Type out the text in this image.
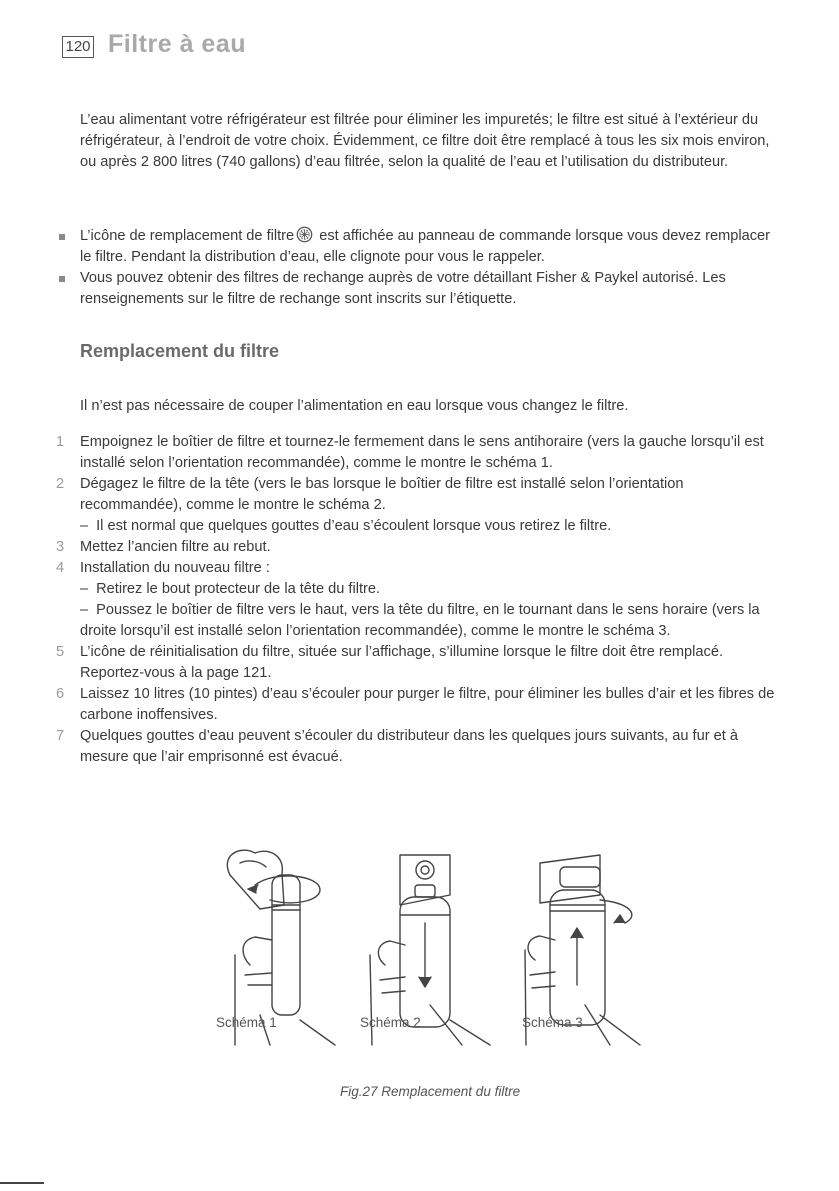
120 Filtre à eau

L’eau alimentant votre réfrigérateur est filtrée pour éliminer les impuretés; le filtre est situé à l’extérieur du réfrigérateur, à l’endroit de votre choix. Évidemment, ce filtre doit être remplacé à tous les six mois environ, ou après 2 800 litres (740 gallons) d’eau filtrée, selon la qualité de l’eau et l’utilisation du distributeur.

L’icône de remplacement de filtre est affichée au panneau de commande lorsque vous devez remplacer le filtre. Pendant la distribution d’eau, elle clignote pour vous le rappeler.
Vous pouvez obtenir des filtres de rechange auprès de votre détaillant Fisher & Paykel autorisé. Les renseignements sur le filtre de rechange sont inscrits sur l’étiquette.
Remplacement du filtre
Il n’est pas nécessaire de couper l’alimentation en eau lorsque vous changez le filtre.
1 Empoignez le boîtier de filtre et tournez-le fermement dans le sens antihoraire (vers la gauche lorsqu’il est installé selon l’orientation recommandée), comme le montre le schéma 1.
2 Dégagez le filtre de la tête (vers le bas lorsque le boîtier de filtre est installé selon l’orientation recommandée), comme le montre le schéma 2.
– Il est normal que quelques gouttes d’eau s’écoulent lorsque vous retirez le filtre.
3 Mettez l’ancien filtre au rebut.
4 Installation du nouveau filtre :
– Retirez le bout protecteur de la tête du filtre.
– Poussez le boîtier de filtre vers le haut, vers la tête du filtre, en le tournant dans le sens horaire (vers la droite lorsqu’il est installé selon l’orientation recommandée), comme le montre le schéma 3.
5 L’icône de réinitialisation du filtre, située sur l’affichage, s’illumine lorsque le filtre doit être remplacé. Reportez-vous à la page 121.
6 Laissez 10 litres (10 pintes) d’eau s’écouler pour purger le filtre, pour éliminer les bulles d’air et les fibres de carbone inoffensives.
7 Quelques gouttes d’eau peuvent s’écouler du distributeur dans les quelques jours suivants, au fur et à mesure que l’air emprisonné est évacué.
Schéma 1	Schéma 2	Schéma 3
Fig.27 Remplacement du filtre
